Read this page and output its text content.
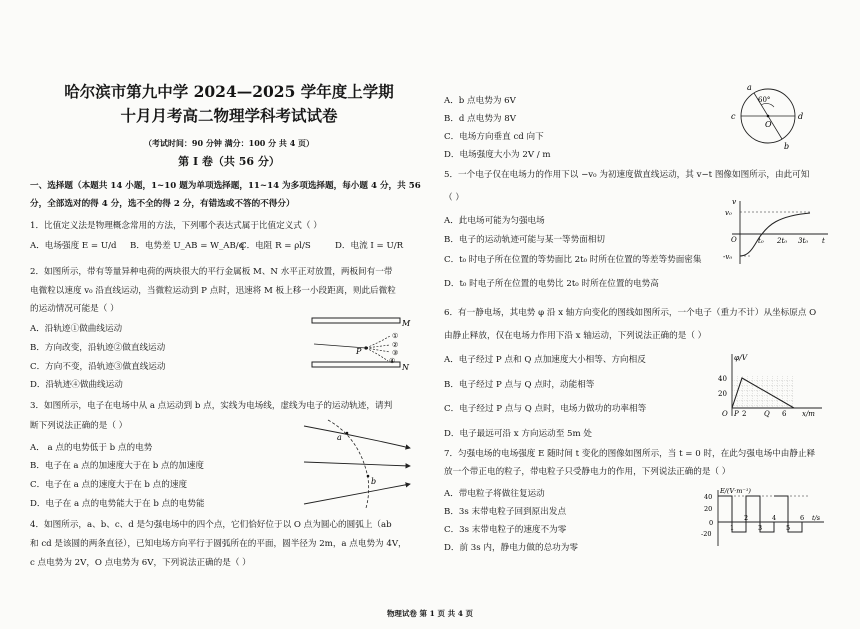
哈尔滨市第九中学 2024—2025 学年度上学期
十月月考高二物理学科考试试卷
（考试时间：90 分钟 满分：100 分 共 4 页）
第 I 卷（共 56 分）
一、选择题（本题共 14 小题，1~10 题为单项选择题，11~14 为多项选择题，每小题 4 分，共 56
分，全部选对的得 4 分，选不全的得 2 分，有错选或不答的不得分）
1．比值定义法是物理概念常用的方法，下列哪个表达式属于比值定义式（ ）
A．电场强度 E = U/d B．电势差 U_AB = W_AB/q
C．电阻 R = ρl/S	D．电流 I = U/R
2．如图所示，带有等量异种电荷的两块很大的平行金属板 M、N 水平正对放置，两板间有一带
电微粒以速度 v₀ 沿直线运动，当微粒运动到 P 点时，迅速将 M 板上移一小段距离，则此后微粒
的运动情况可能是（ ）
A．沿轨迹①做曲线运动
B．方向改变，沿轨迹②做直线运动
C．方向不变，沿轨迹③做直线运动
D．沿轨迹④做曲线运动
3．如图所示，电子在电场中从 a 点运动到 b 点，实线为电场线，虚线为电子的运动轨迹，请判
断下列说法正确的是（ ）
A． a 点的电势低于 b 点的电势
B．电子在 a 点的加速度大于在 b 点的加速度
C．电子在 a 点的速度大于在 b 点的速度
D．电子在 a 点的电势能大于在 b 点的电势能
4．如图所示，a、b、c、d 是匀强电场中的四个点，它们恰好位于以 O 点为圆心的圆弧上（ab
和 cd 是该圆的两条直径），已知电场方向平行于圆弧所在的平面，圆半径为 2m，a 点电势为 4V，
c 点电势为 2V，O 点电势为 6V，下列说法正确的是（ ）
M
N
P
①
②
③
④
a
b
A．b 点电势为 6V
B．d 点电势为 8V
C．电场方向垂直 cd 向下
D．电场强度大小为 2V / m
5．一个电子仅在电场力的作用下以 −v₀ 为初速度做直线运动，其 v−t 图像如图所示，由此可知
（ ）
A．此电场可能为匀强电场
B．电子的运动轨迹可能与某一等势面相切
C．t₀ 时电子所在位置的等势面比 2t₀ 时所在位置的等差等势面密集
D．t₀ 时电子所在位置的电势比 2t₀ 时所在位置的电势高
6．有一静电场，其电势 φ 沿 x 轴方向变化的图线如图所示，一个电子（重力不计）从坐标原点 O
由静止释放，仅在电场力作用下沿 x 轴运动，下列说法正确的是（ ）
A．电子经过 P 点和 Q 点加速度大小相等、方向相反
B．电子经过 P 点与 Q 点时，动能相等
C．电子经过 P 点与 Q 点时，电场力做功的功率相等
D．电子最远可沿 x 方向运动至 5m 处
7．匀强电场的电场强度 E 随时间 t 变化的图像如图所示，当 t = 0 时，在此匀强电场中由静止释
放一个带正电的粒子，带电粒子只受静电力的作用，下列说法正确的是（ ）
A．带电粒子将做往复运动
B．3s 末带电粒子回到原出发点
C．3s 末带电粒子的速度不为零
D．前 3s 内，静电力做的总功为零
a
b
c	d
O
60°
v
v₀
-v₀
O	t₀ 2t₀ 3t₀ t
φ/V
40
20
O P 2	Q 6 x/m
E/(V·m⁻¹)
40
20
0
-20
1
2
3
4
5
6 t/s
物理试卷 第 1 页 共 4 页
